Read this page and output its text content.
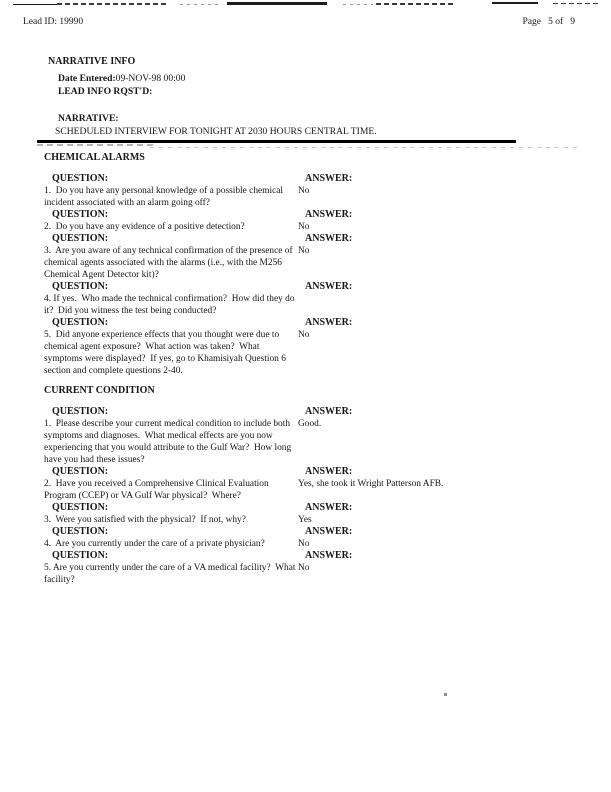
Lead ID: 19990	Page   5 of   9
NARRATIVE INFO
Date Entered:09-NOV-98 00:00
LEAD INFO RQST'D:
NARRATIVE:
SCHEDULED INTERVIEW FOR TONIGHT AT 2030 HOURS CENTRAL TIME.
CHEMICAL ALARMS
QUESTION:
1.  Do you have any personal knowledge of a possible chemical incident associated with an alarm going off?
ANSWER:
No
QUESTION:
2.  Do you have any evidence of a positive detection?
ANSWER:
No
QUESTION:
3.  Are you aware of any technical confirmation of the presence of chemical agents associated with the alarms (i.e., with the M256 Chemical Agent Detector kit)?
ANSWER:
No
QUESTION:
4. If yes.  Who made the technical confirmation?  How did they do it?  Did you witness the test being conducted?
ANSWER:
QUESTION:
5.  Did anyone experience effects that you thought were due to chemical agent exposure?  What action was taken?  What symptoms were displayed?  If yes, go to Khamisiyah Question 6 section and complete questions 2-40.
ANSWER:
No
CURRENT CONDITION
QUESTION:
1.  Please describe your current medical condition to include both symptoms and diagnoses.  What medical effects are you now experiencing that you would attribute to the Gulf War?  How long have you had these issues?
ANSWER:
Good.
QUESTION:
2.  Have you received a Comprehensive Clinical Evaluation Program (CCEP) or VA Gulf War physical?  Where?
ANSWER:
Yes, she took it Wright Patterson AFB.
QUESTION:
3.  Were you satisfied with the physical?  If not, why?
ANSWER:
Yes
QUESTION:
4.  Are you currently under the care of a private physician?
ANSWER:
No
QUESTION:
5. Are you currently under the care of a VA medical facility?  What facility?
ANSWER:
No
